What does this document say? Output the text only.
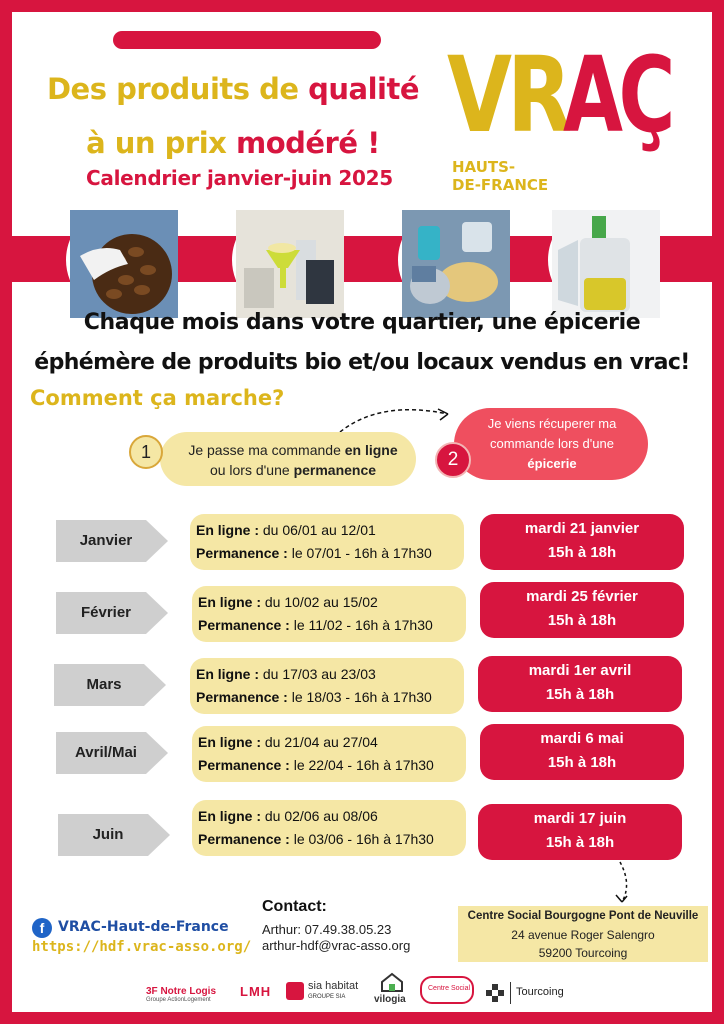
Des produits de qualité
à un prix modéré !
Calendrier janvier-juin 2025
VR
AÇ
HAUTS-
DE-FRANCE
Chaque mois dans votre quartier, une épicerie
éphémère de produits bio et/ou locaux vendus en vrac!
Comment ça marche?
Je passe ma commande en ligne
ou lors d'une permanence
1
Je viens récuperer ma
commande lors d'une
épicerie
2
Janvier
En ligne : du 06/01 au 12/01
Permanence : le 07/01 - 16h à 17h30
mardi 21 janvier
15h à 18h
Février
En ligne : du 10/02 au 15/02
Permanence : le 11/02 - 16h à 17h30
mardi 25 février
15h à 18h
Mars
En ligne : du 17/03 au 23/03
Permanence : le 18/03 - 16h à 17h30
mardi 1er avril
15h à 18h
Avril/Mai
En ligne : du 21/04 au 27/04
Permanence : le 22/04 - 16h à 17h30
mardi 6 mai
15h à 18h
Juin
En ligne : du 02/06 au 08/06
Permanence : le 03/06 - 16h à 17h30
mardi 17 juin
15h à 18h
f VRAC-Haut-de-France
https://hdf.vrac-asso.org/
Contact:
Arthur: 07.49.38.05.23
arthur-hdf@vrac-asso.org
Centre Social Bourgogne Pont de Neuville
24 avenue Roger Salengro
59200 Tourcoing
3F Notre Logis
Groupe ActionLogement
LMH	sia habitat
GROUPE SIA	vilogia
Centre Social	Tourcoing
